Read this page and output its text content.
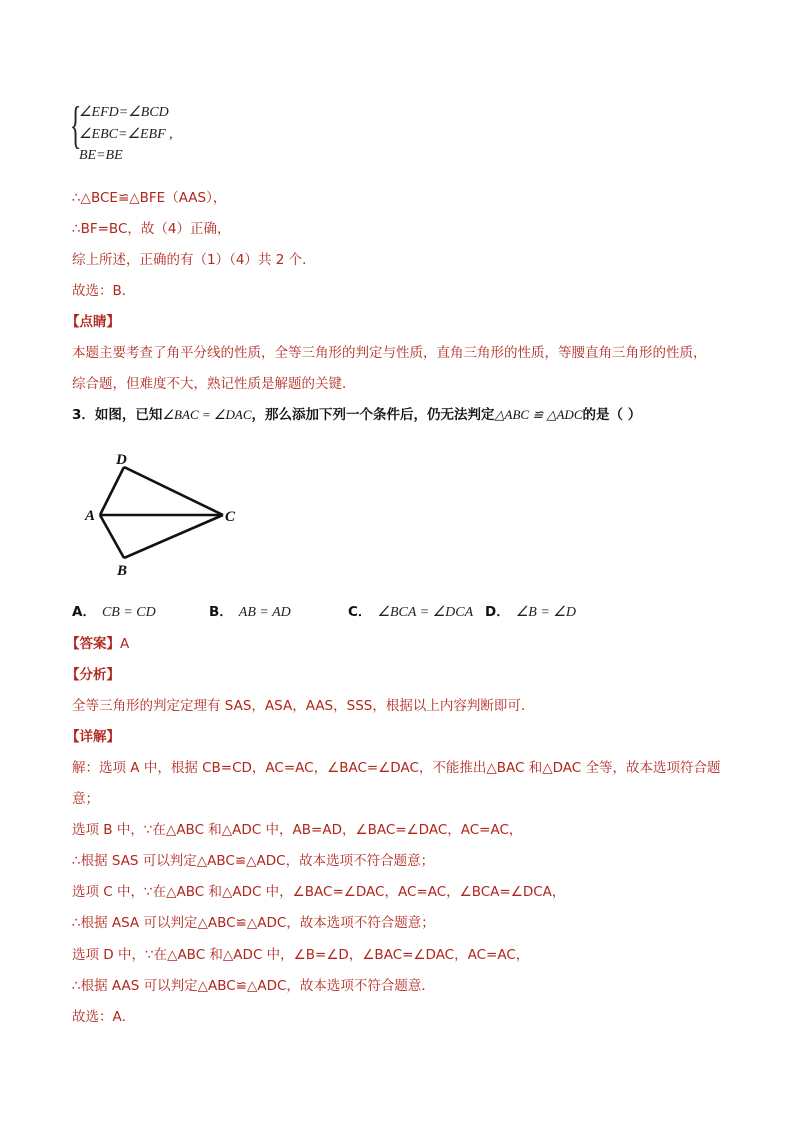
{
∠EFD=∠BCD
∠EBC=∠EBF ,
BE=BE
∴△BCE≌△BFE（AAS），
∴BF=BC，故（4）正确，
综上所述，正确的有（1）（4）共 2 个．
故选：B．
【点睛】
本题主要考查了角平分线的性质，全等三角形的判定与性质，直角三角形的性质，等腰直角三角形的性质，
综合题，但难度不大，熟记性质是解题的关键．
3．如图，已知∠BAC = ∠DAC，那么添加下列一个条件后，仍无法判定△ABC ≌ △ADC的是（ ）
D
A	C
B
A． CB = CD	B． AB = AD	C． ∠BCA = ∠DCA D． ∠B = ∠D
【答案】A
【分析】
全等三角形的判定定理有 SAS，ASA，AAS，SSS，根据以上内容判断即可．
【详解】
解：选项 A 中，根据 CB=CD，AC=AC，∠BAC=∠DAC，不能推出△BAC 和△DAC 全等，故本选项符合题
意；
选项 B 中，∵在△ABC 和△ADC 中，AB=AD，∠BAC=∠DAC，AC=AC，
∴根据 SAS 可以判定△ABC≌△ADC，故本选项不符合题意；
选项 C 中，∵在△ABC 和△ADC 中，∠BAC=∠DAC，AC=AC，∠BCA=∠DCA，
∴根据 ASA 可以判定△ABC≌△ADC，故本选项不符合题意；
选项 D 中，∵在△ABC 和△ADC 中，∠B=∠D，∠BAC=∠DAC，AC=AC，
∴根据 AAS 可以判定△ABC≌△ADC，故本选项不符合题意．
故选：A．
